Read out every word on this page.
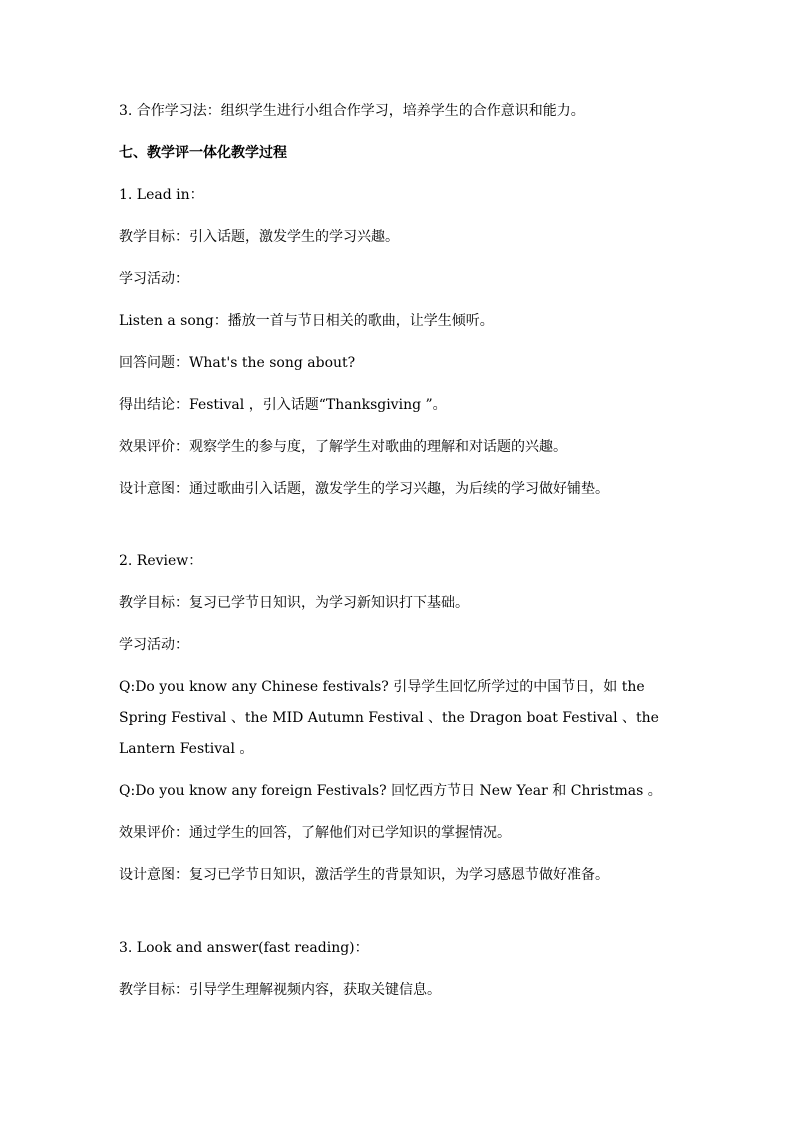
3. 合作学习法：组织学生进行小组合作学习，培养学生的合作意识和能力。

七、教学评一体化教学过程

1. Lead in：

教学目标：引入话题，激发学生的学习兴趣。

学习活动：

Listen a song：播放一首与节日相关的歌曲，让学生倾听。

回答问题：What's the song about?

得出结论：Festival ，引入话题“Thanksgiving ”。

效果评价：观察学生的参与度，了解学生对歌曲的理解和对话题的兴趣。

设计意图：通过歌曲引入话题，激发学生的学习兴趣，为后续的学习做好铺垫。

2. Review：

教学目标：复习已学节日知识，为学习新知识打下基础。

学习活动：

Q:Do you know any Chinese festivals? 引导学生回忆所学过的中国节日，如 the Spring Festival 、the MID Autumn Festival 、the Dragon boat Festival 、the Lantern Festival 。

Q:Do you know any foreign Festivals? 回忆西方节日 New Year 和 Christmas 。

效果评价：通过学生的回答，了解他们对已学知识的掌握情况。

设计意图：复习已学节日知识，激活学生的背景知识，为学习感恩节做好准备。

3. Look and answer(fast reading)：

教学目标：引导学生理解视频内容，获取关键信息。
